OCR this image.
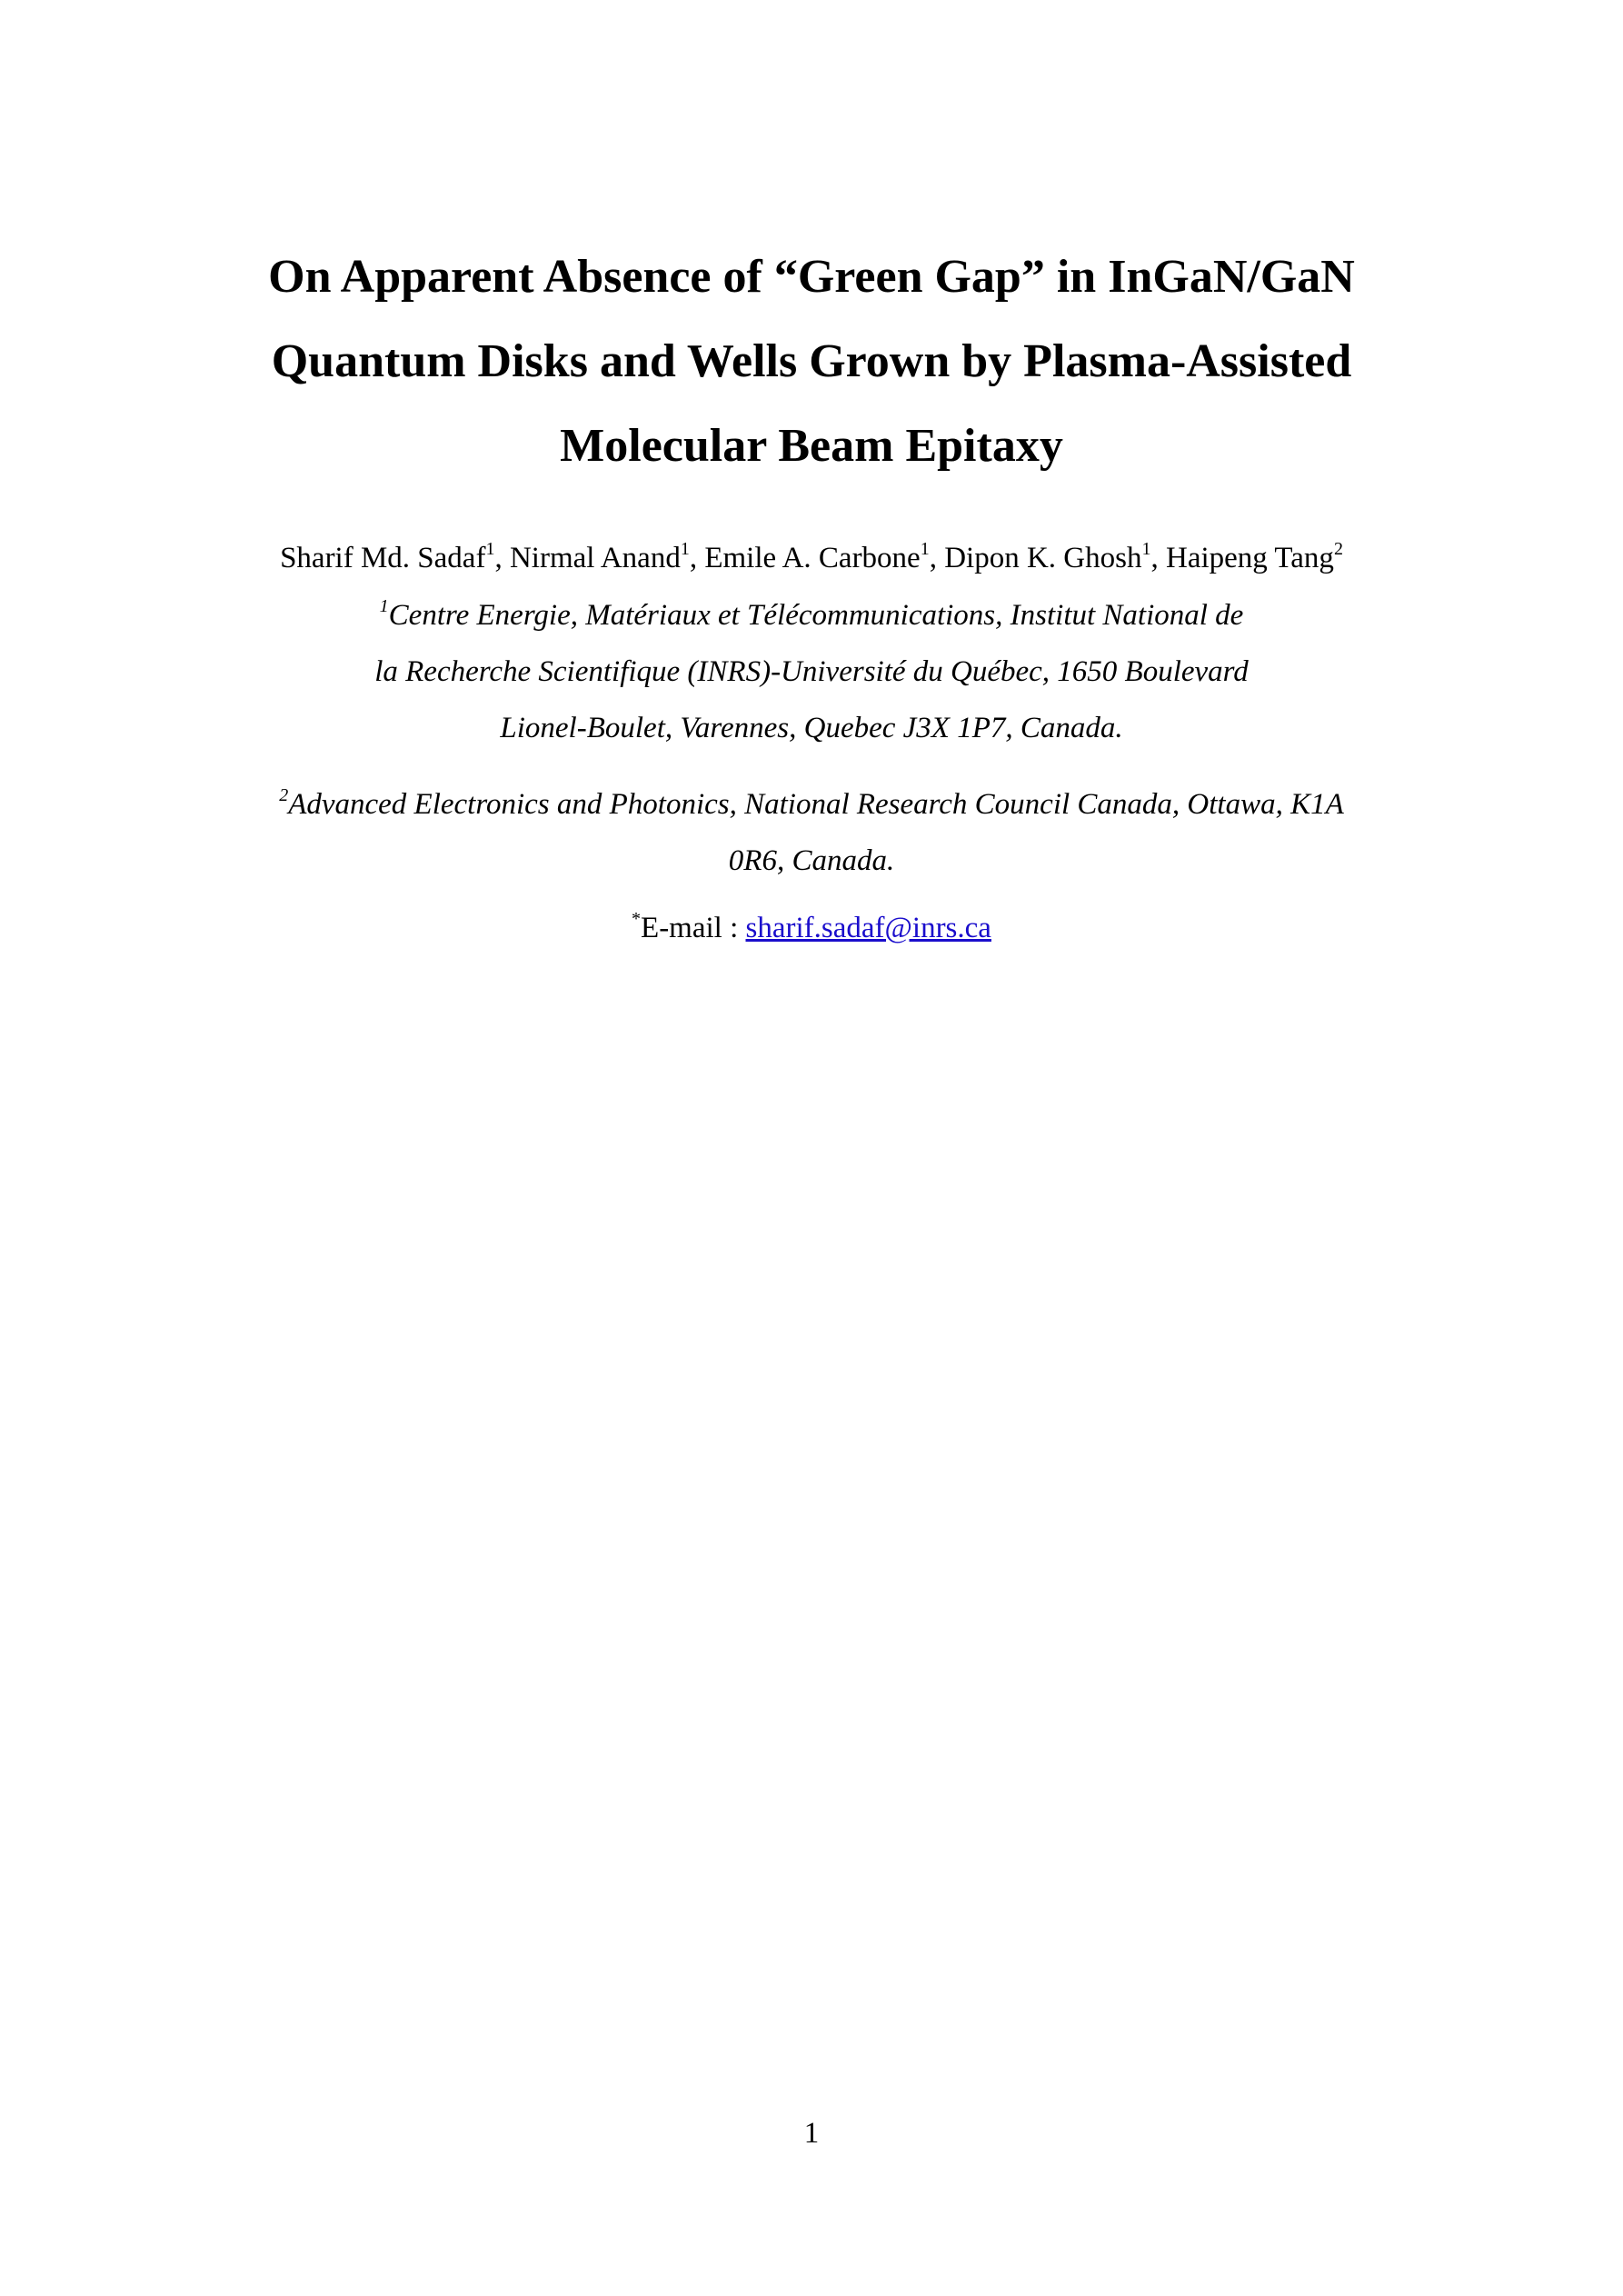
On Apparent Absence of “Green Gap” in InGaN/GaN
Quantum Disks and Wells Grown by Plasma-Assisted
Molecular Beam Epitaxy
Sharif Md. Sadaf$^1$, Nirmal Anand$^1$, Emile A. Carbone$^1$, Dipon K. Ghosh$^1$, Haipeng Tang$^2$
$^1$Centre Energie, Matériaux et Télécommunications, Institut National de
la Recherche Scientifique (INRS)-Université du Québec, 1650 Boulevard
Lionel-Boulet, Varennes, Quebec J3X 1P7, Canada.
$^2$Advanced Electronics and Photonics, National Research Council Canada, Ottawa, K1A
0R6, Canada.
*E-mail : sharif.sadaf@inrs.ca
1
